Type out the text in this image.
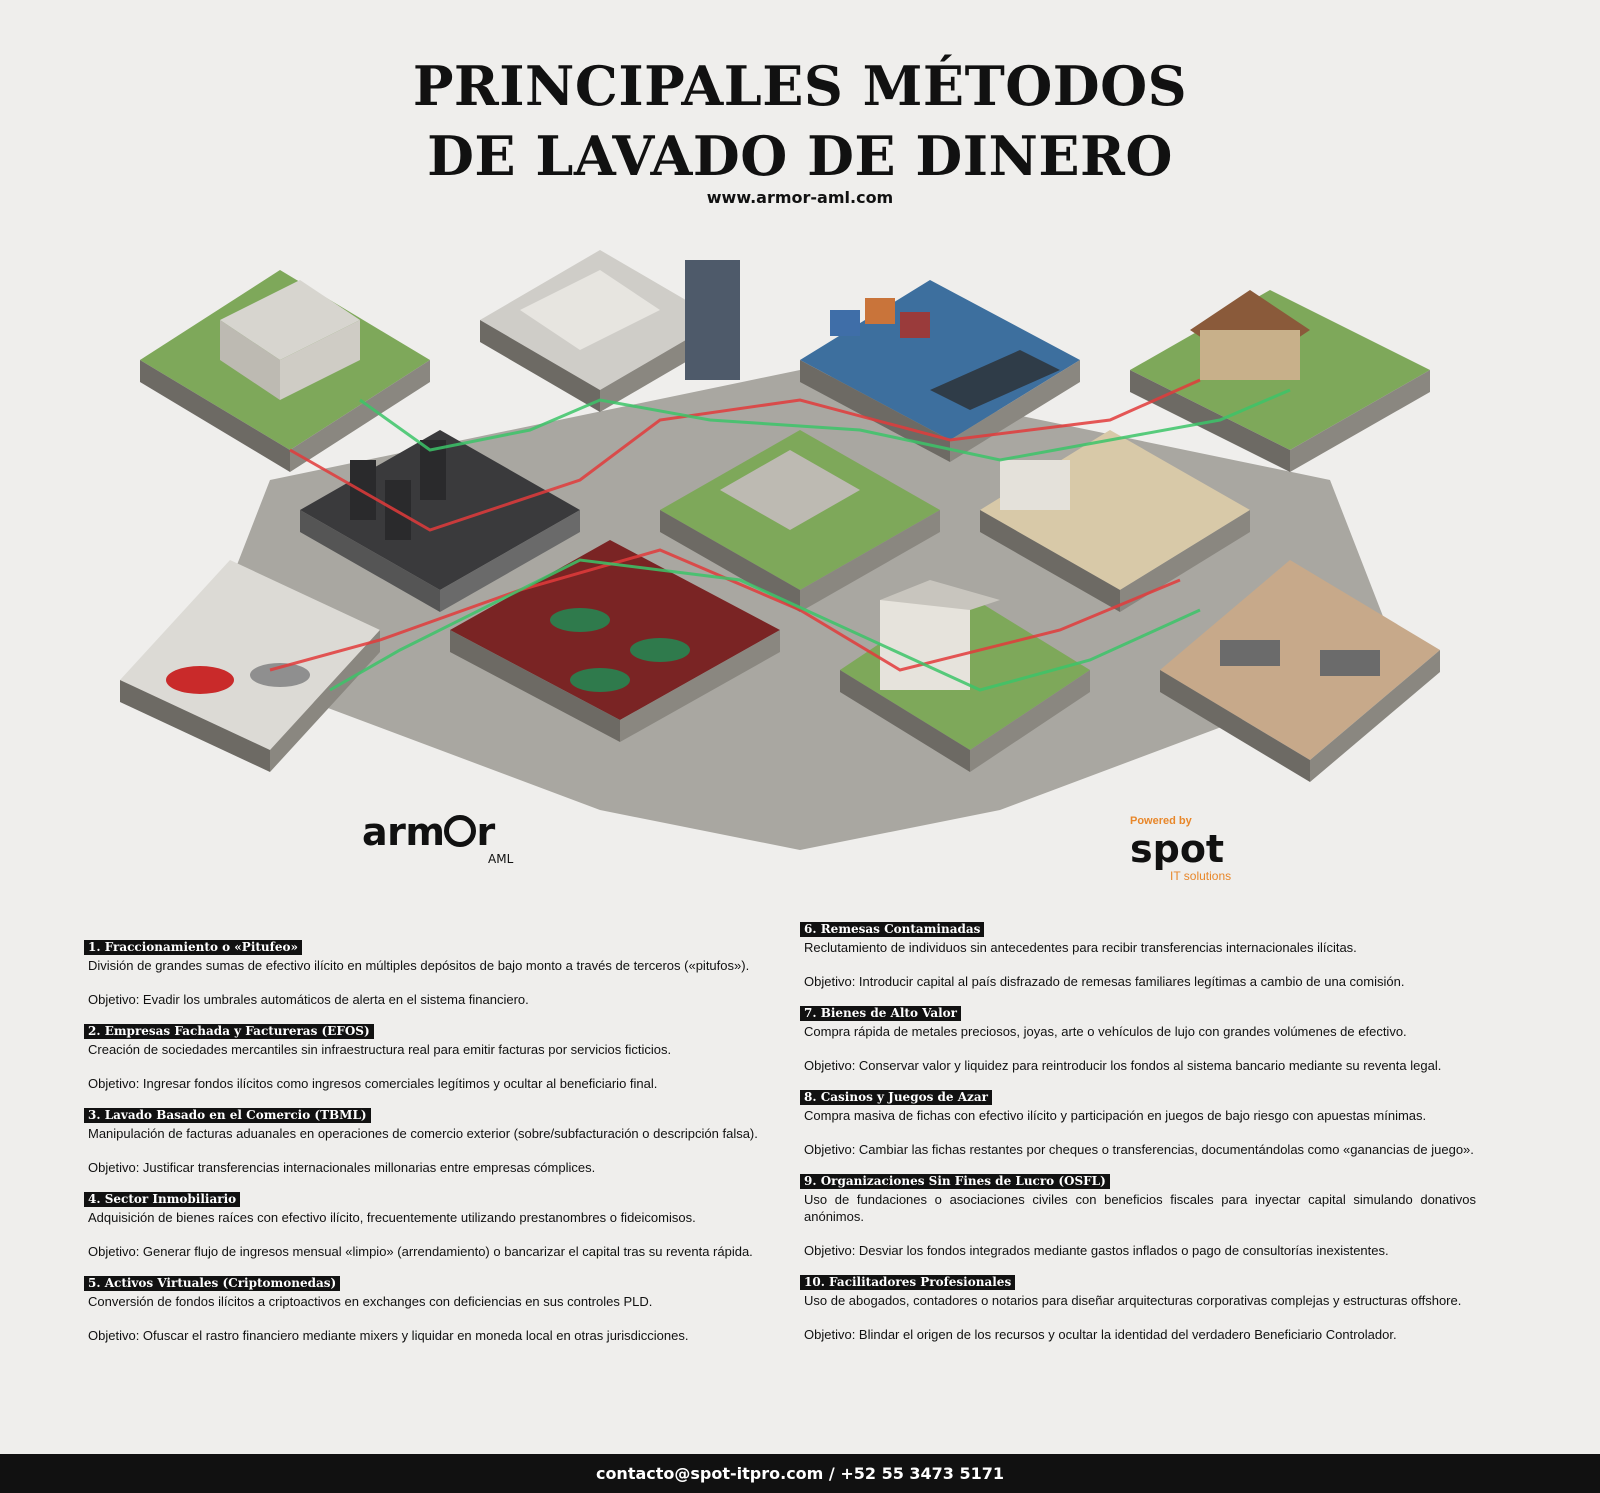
PRINCIPALES MÉTODOS
DE LAVADO DE DINERO
www.armor-aml.com
arm r
AML
Powered by
spot
IT solutions
1. Fraccionamiento o «Pitufeo»

División de grandes sumas de efectivo ilícito en múltiples depósitos de bajo monto a través de terceros («pitufos»).

Objetivo: Evadir los umbrales automáticos de alerta en el sistema financiero.

2. Empresas Fachada y Factureras (EFOS)

Creación de sociedades mercantiles sin infraestructura real para emitir facturas por servicios ficticios.

Objetivo: Ingresar fondos ilícitos como ingresos comerciales legítimos y ocultar al beneficiario final.

3. Lavado Basado en el Comercio (TBML)

Manipulación de facturas aduanales en operaciones de comercio exterior (sobre/subfacturación o descripción falsa).

Objetivo: Justificar transferencias internacionales millonarias entre empresas cómplices.

4. Sector Inmobiliario

Adquisición de bienes raíces con efectivo ilícito, frecuentemente utilizando prestanombres o fideicomisos.

Objetivo: Generar flujo de ingresos mensual «limpio» (arrendamiento) o bancarizar el capital tras su reventa rápida.

5. Activos Virtuales (Criptomonedas)

Conversión de fondos ilícitos a criptoactivos en exchanges con deficiencias en sus controles PLD.

Objetivo: Ofuscar el rastro financiero mediante mixers y liquidar en moneda local en otras jurisdicciones.

6. Remesas Contaminadas

Reclutamiento de individuos sin antecedentes para recibir transferencias internacionales ilícitas.

Objetivo: Introducir capital al país disfrazado de remesas familiares legítimas a cambio de una comisión.

7. Bienes de Alto Valor

Compra rápida de metales preciosos, joyas, arte o vehículos de lujo con grandes volúmenes de efectivo.

Objetivo: Conservar valor y liquidez para reintroducir los fondos al sistema bancario mediante su reventa legal.

8. Casinos y Juegos de Azar

Compra masiva de fichas con efectivo ilícito y participación en juegos de bajo riesgo con apuestas mínimas.

Objetivo: Cambiar las fichas restantes por cheques o transferencias, documentándolas como «ganancias de juego».

9. Organizaciones Sin Fines de Lucro (OSFL)

Uso de fundaciones o asociaciones civiles con beneficios fiscales para inyectar capital simulando donativos anónimos.

Objetivo: Desviar los fondos integrados mediante gastos inflados o pago de consultorías inexistentes.

10. Facilitadores Profesionales

Uso de abogados, contadores o notarios para diseñar arquitecturas corporativas complejas y estructuras offshore.

Objetivo: Blindar el origen de los recursos y ocultar la identidad del verdadero Beneficiario Controlador.

contacto@spot-itpro.com / +52 55 3473 5171
